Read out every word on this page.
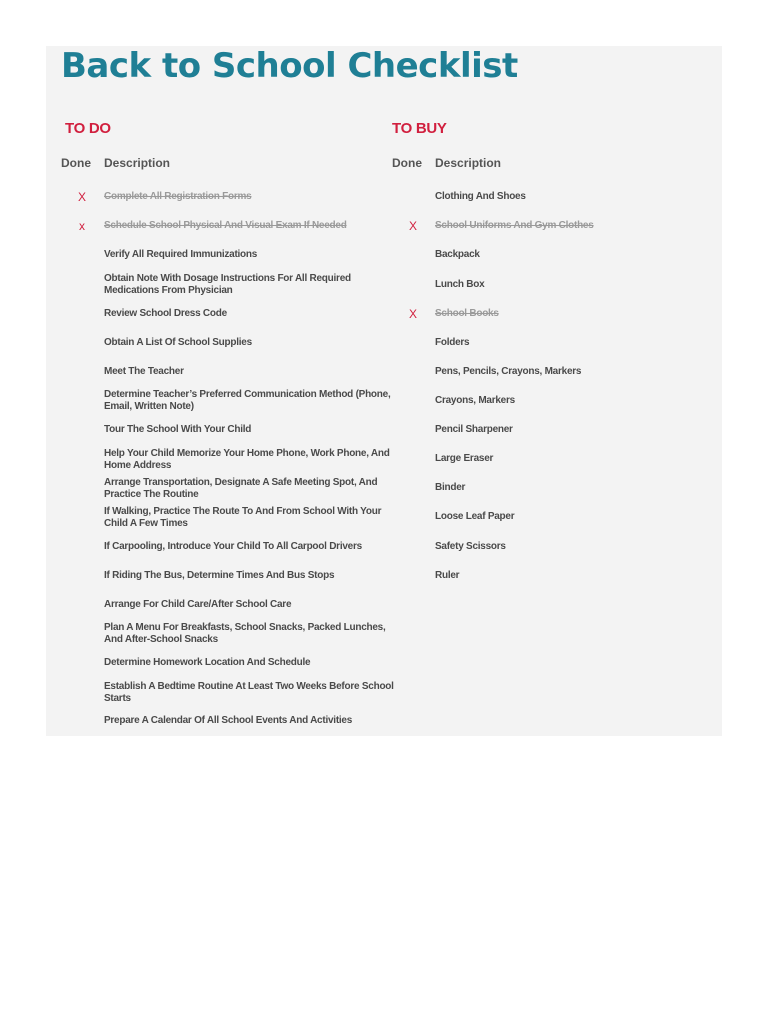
Back to School Checklist
TO DO	TO BUY
Done Description	Done Description
X	Complete All Registration Forms
x	Schedule School Physical And Visual Exam If Needed
Verify All Required Immunizations
Obtain Note With Dosage Instructions For All Required Medications From Physician
Review School Dress Code
Obtain A List Of School Supplies
Meet The Teacher
Determine Teacher’s Preferred Communication Method (Phone, Email, Written Note)
Tour The School With Your Child
Help Your Child Memorize Your Home Phone, Work Phone, And Home Address
Arrange Transportation, Designate A Safe Meeting Spot, And Practice The Routine
If Walking, Practice The Route To And From School With Your Child A Few Times
If Carpooling, Introduce Your Child To All Carpool Drivers
If Riding The Bus, Determine Times And Bus Stops
Arrange For Child Care/After School Care
Plan A Menu For Breakfasts, School Snacks, Packed Lunches, And After-School Snacks
Determine Homework Location And Schedule
Establish A Bedtime Routine At Least Two Weeks Before School Starts
Prepare A Calendar Of All School Events And Activities
Clothing And Shoes
X	School Uniforms And Gym Clothes
Backpack
Lunch Box
X	School Books
Folders
Pens, Pencils, Crayons, Markers
Crayons, Markers
Pencil Sharpener
Large Eraser
Binder
Loose Leaf Paper
Safety Scissors
Ruler
